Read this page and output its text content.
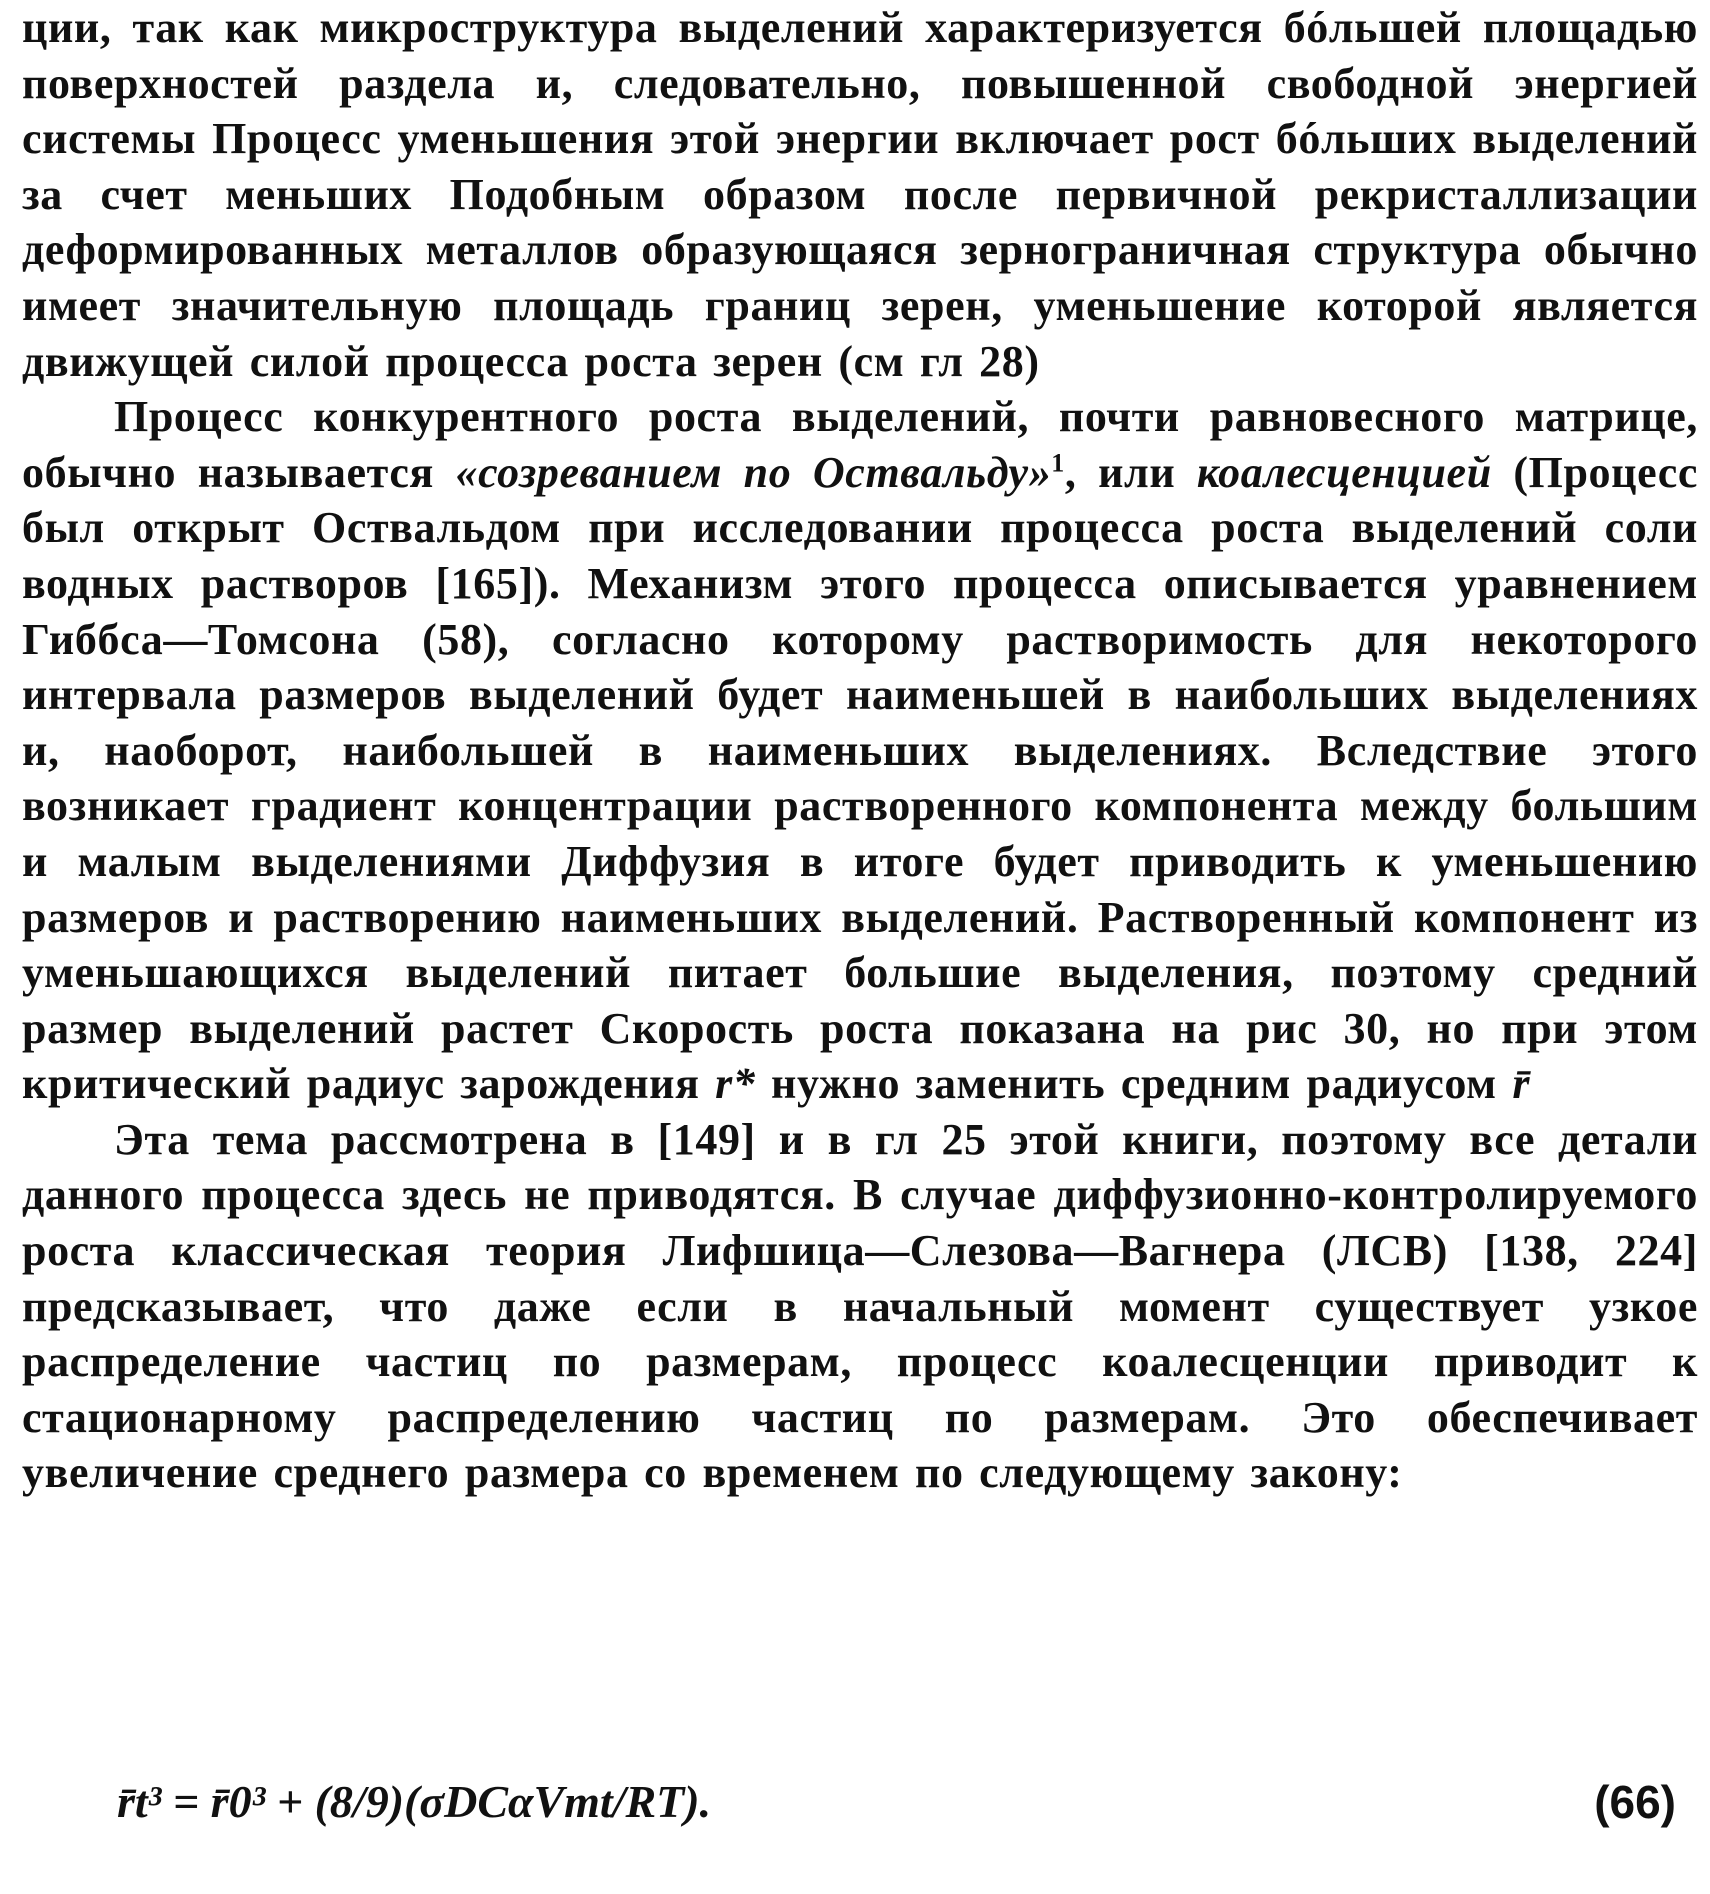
ции, так как микроструктура выделений характеризуется бóльшей площадью поверхностей раздела и, следовательно, повышенной свободной энергией системы Процесс уменьшения этой энергии включает рост бóльших выделений за счет меньших Подобным образом после первичной рекристаллизации деформированных металлов образующаяся зернограничная структура обычно имеет значительную площадь границ зерен, уменьшение которой является движущей силой процесса роста зерен (см гл 28)

Процесс конкурентного роста выделений, почти равновесного матрице, обычно называется «созреванием по Оствальду»$^1$, или коалесценцией (Процесс был открыт Оствальдом при исследовании процесса роста выделений соли водных растворов [165]). Механизм этого процесса описывается уравнением Гиббса—Томсона (58), согласно которому растворимость для некоторого интервала размеров выделений будет наименьшей в наибольших выделениях и, наоборот, наибольшей в наименьших выделениях. Вследствие этого возникает градиент концентрации растворенного компонента между большим и малым выделениями Диффузия в итоге будет приводить к уменьшению размеров и растворению наименьших выделений. Растворенный компонент из уменьшающихся выделений питает большие выделения, поэтому средний размер выделений растет Скорость роста показана на рис 30, но при этом критический радиус зарождения r* нужно заменить средним радиусом r̄

Эта тема рассмотрена в [149] и в гл 25 этой книги, поэтому все детали данного процесса здесь не приводятся. В случае диффузионно-контролируемого роста классическая теория Лифшица—Слезова—Вагнера (ЛСВ) [138, 224] предсказывает, что даже если в начальный момент существует узкое распределение частиц по размерам, процесс коалесценции приводит к стационарному распределению частиц по размерам. Это обеспечивает увеличение среднего размера со временем по следующему закону:

r̄t³ = r̄0³ + (8/9)(σDCαVmt/RT).	(66)
